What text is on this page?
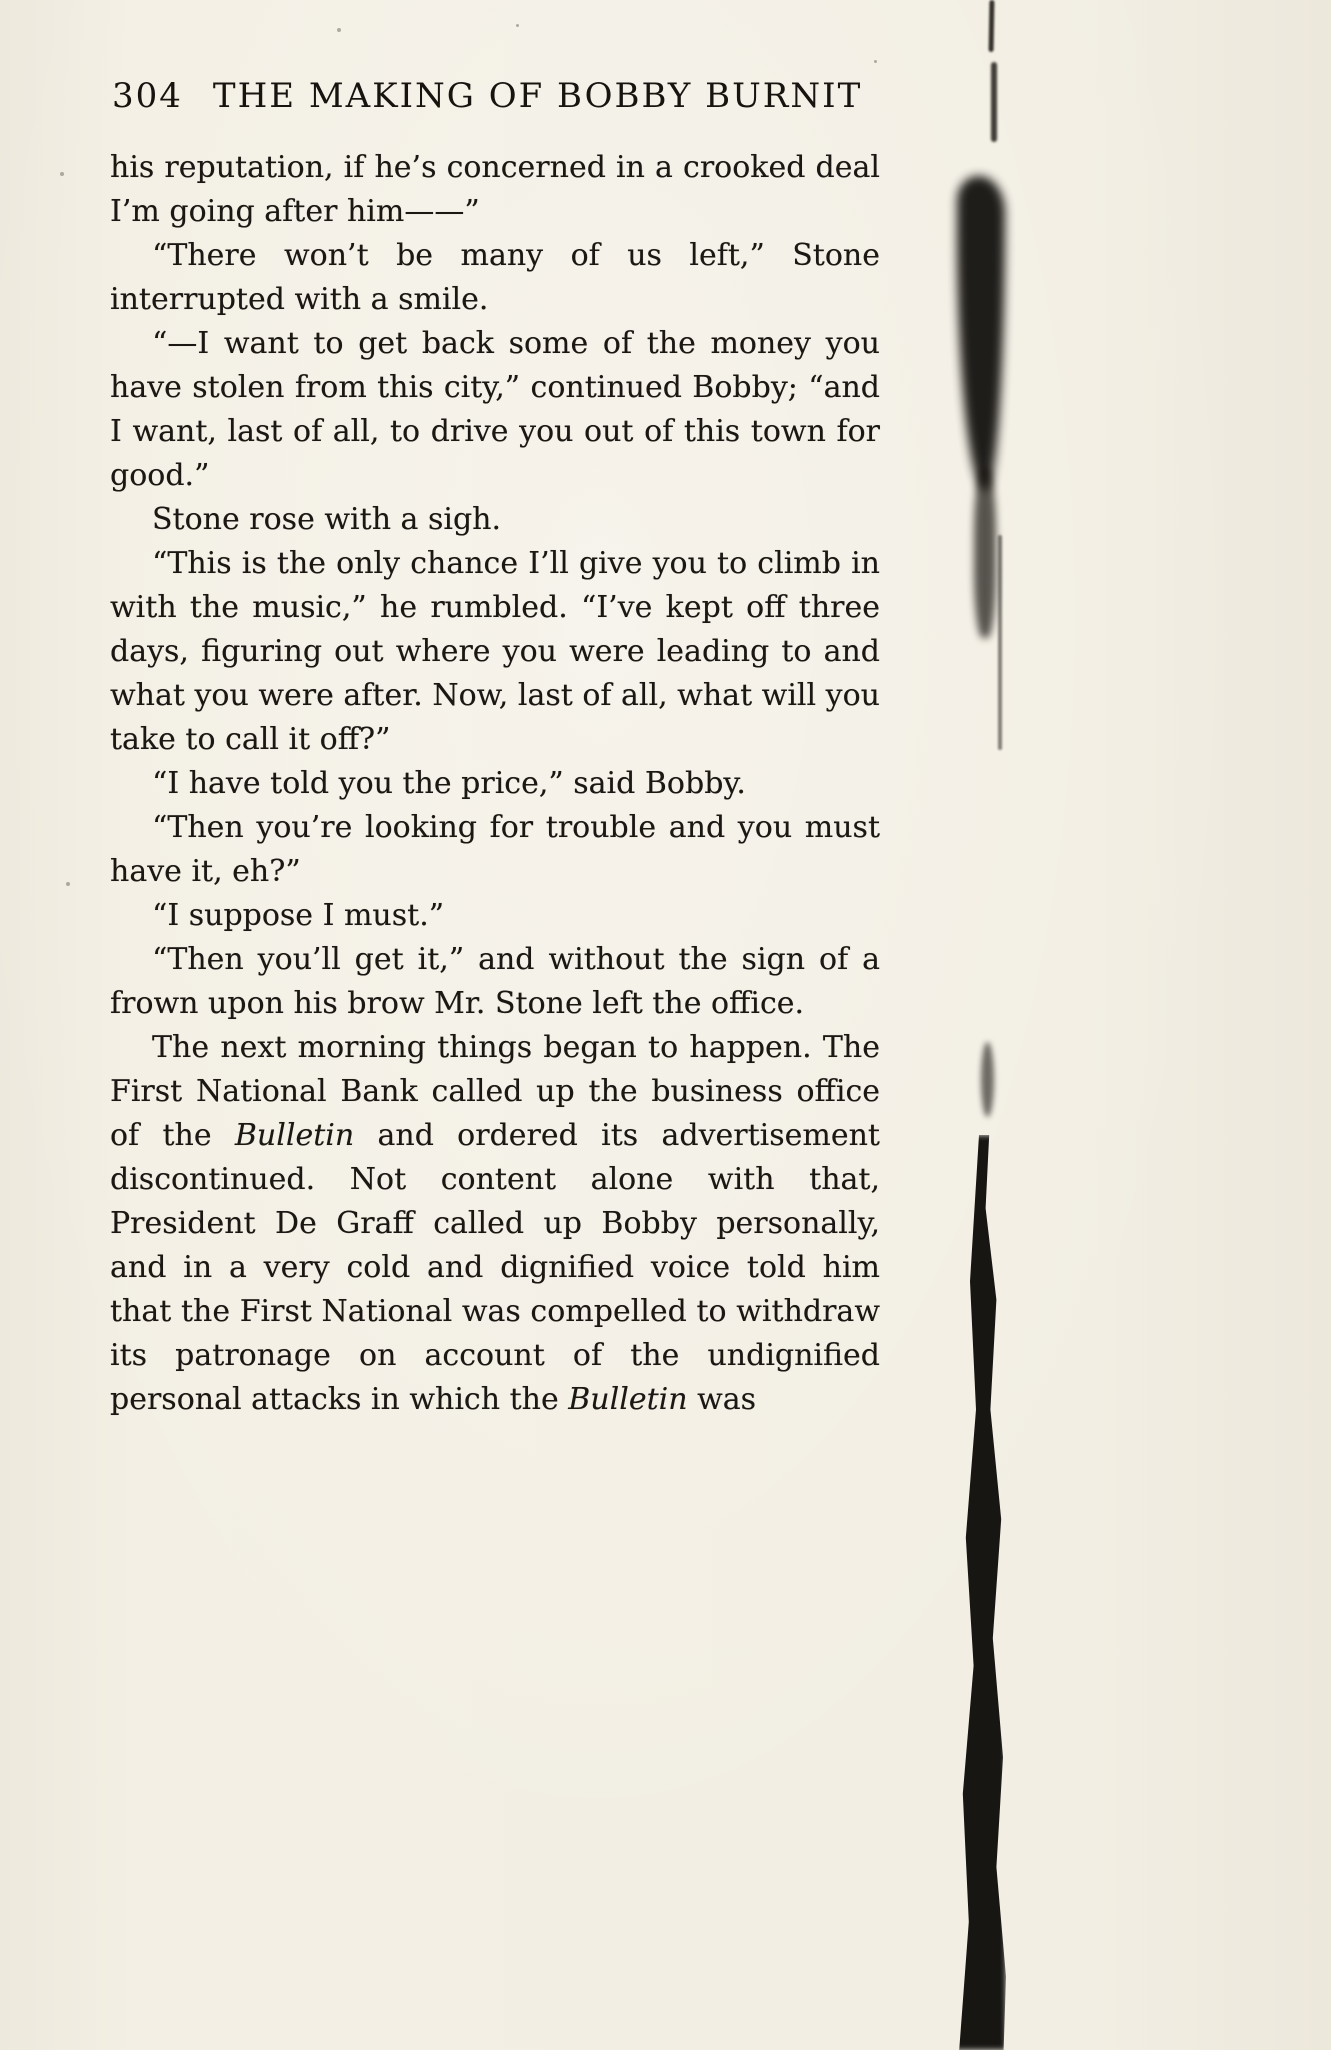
304 THE MAKING OF BOBBY BURNIT

his reputation, if he’s concerned in a crooked deal I’m going after him——”

“There won’t be many of us left,” Stone interrupted with a smile.

“—I want to get back some of the money you have stolen from this city,” continued Bobby; “and I want, last of all, to drive you out of this town for good.”

Stone rose with a sigh.

“This is the only chance I’ll give you to climb in with the music,” he rumbled. “I’ve kept off three days, figuring out where you were leading to and what you were after. Now, last of all, what will you take to call it off?”

“I have told you the price,” said Bobby.

“Then you’re looking for trouble and you must have it, eh?”

“I suppose I must.”

“Then you’ll get it,” and without the sign of a frown upon his brow Mr. Stone left the office.

The next morning things began to happen. The First National Bank called up the business office of the Bulletin and ordered its advertisement discontinued. Not content alone with that, President De Graff called up Bobby personally, and in a very cold and dignified voice told him that the First National was compelled to withdraw its patronage on account of the undignified personal attacks in which the Bulletin was
